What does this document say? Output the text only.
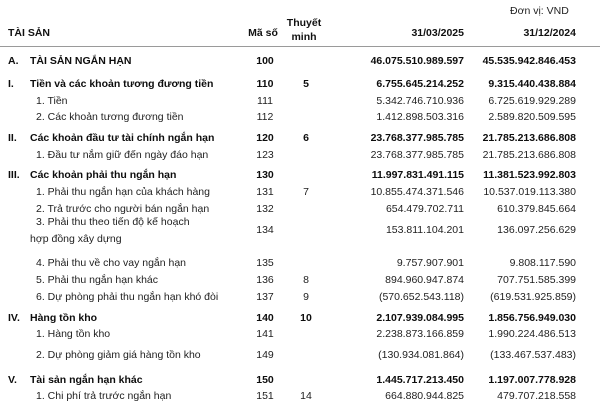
Đơn vị: VND
TÀI SẢN	Mã số
Thuyết
minh	31/03/2025	31/12/2024
A. TÀI SẢN NGẮN HẠN	100	46.075.510.989.597	45.535.942.846.453
I. Tiền và các khoản tương đương tiền	110	5	6.755.645.214.252	9.315.440.438.884
1. Tiền	111	5.342.746.710.936	6.725.619.929.289
2. Các khoản tương đương tiền	112	1.412.898.503.316	2.589.820.509.595
II. Các khoản đầu tư tài chính ngắn hạn	120	6	23.768.377.985.785	21.785.213.686.808
1. Đầu tư nắm giữ đến ngày đáo hạn	123	23.768.377.985.785	21.785.213.686.808
III. Các khoản phải thu ngắn hạn	130	11.997.831.491.115	11.381.523.992.803
1. Phải thu ngắn hạn của khách hàng	131	7	10.855.474.371.546	10.537.019.113.380
2. Trả trước cho người bán ngắn hạn	132	654.479.702.711	610.379.845.664
3. Phải thu theo tiến độ kế hoạch
hợp đồng xây dựng
134	153.811.104.201	136.097.256.629
4. Phải thu về cho vay ngắn hạn	135	9.757.907.901	9.808.117.590
5. Phải thu ngắn hạn khác	136	8	894.960.947.874	707.751.585.399
6. Dự phòng phải thu ngắn hạn khó đòi	137	9	(570.652.543.118)	(619.531.925.859)
IV. Hàng tồn kho	140	10	2.107.939.084.995	1.856.756.949.030
1. Hàng tồn kho	141	2.238.873.166.859	1.990.224.486.513
2. Dự phòng giảm giá hàng tồn kho	149	(130.934.081.864)	(133.467.537.483)
V. Tài sản ngắn hạn khác	150	1.445.717.213.450	1.197.007.778.928
1. Chi phí trả trước ngắn hạn	151	14	664.880.944.825	479.707.218.558
